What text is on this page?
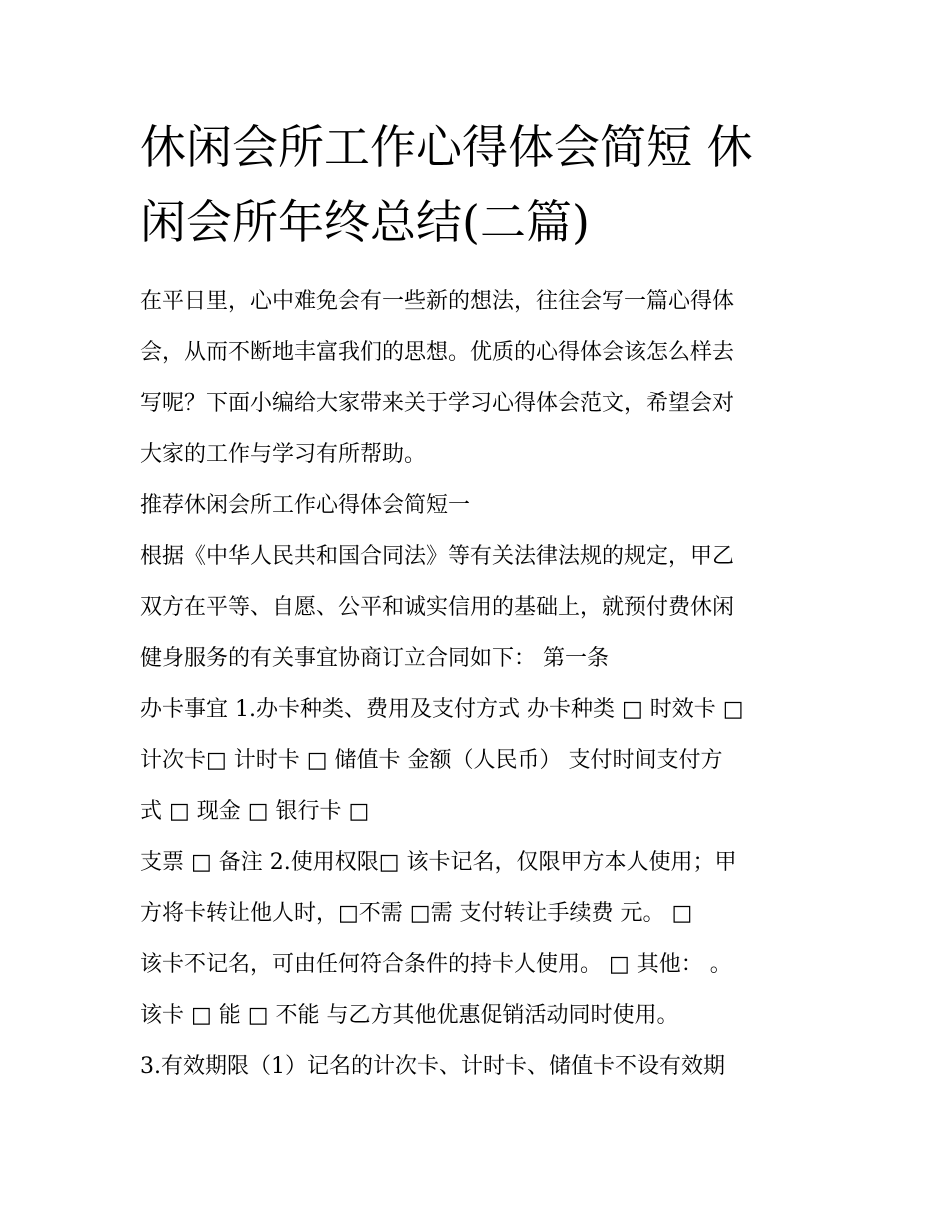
休闲会所工作心得体会简短 休
闲会所年终总结(二篇)
在平日里，心中难免会有一些新的想法，往往会写一篇心得体
会，从而不断地丰富我们的思想。优质的心得体会该怎么样去
写呢？下面小编给大家带来关于学习心得体会范文，希望会对
大家的工作与学习有所帮助。
推荐休闲会所工作心得体会简短一
根据《中华人民共和国合同法》等有关法律法规的规定，甲乙
双方在平等、自愿、公平和诚实信用的基础上，就预付费休闲
健身服务的有关事宜协商订立合同如下： 第一条
办卡事宜 1.办卡种类、费用及支付方式 办卡种类 □ 时效卡 □
计次卡□ 计时卡 □ 储值卡 金额（人民币） 支付时间支付方
式 □ 现金 □ 银行卡 □
支票 □ 备注 2.使用权限□ 该卡记名，仅限甲方本人使用；甲
方将卡转让他人时，□不需 □需 支付转让手续费 元。 □
该卡不记名，可由任何符合条件的持卡人使用。 □ 其他： 。
该卡 □ 能 □ 不能 与乙方其他优惠促销活动同时使用。
3.有效期限（1）记名的计次卡、计时卡、储值卡不设有效期
